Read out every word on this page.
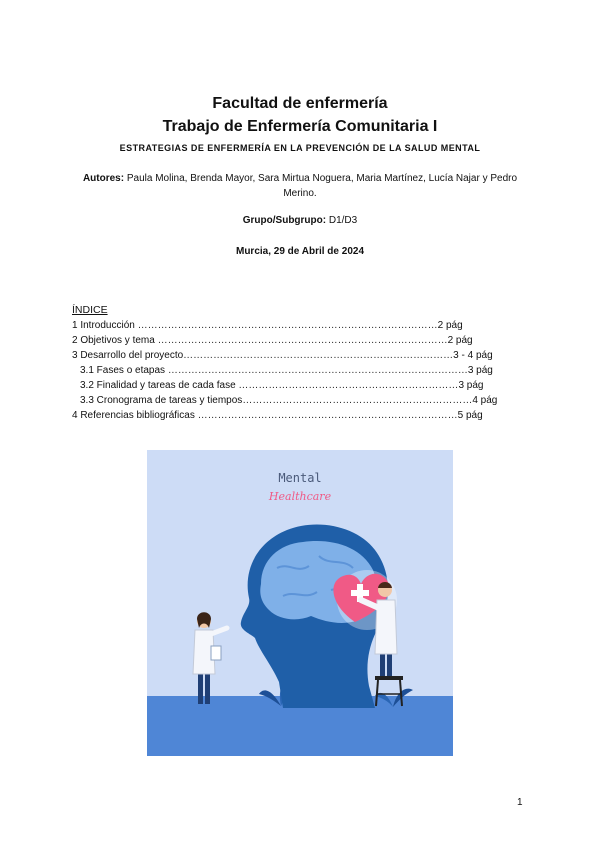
Facultad de enfermería
Trabajo de Enfermería Comunitaria I
ESTRATEGIAS DE ENFERMERÍA EN LA PREVENCIÓN DE LA SALUD MENTAL
Autores: Paula Molina, Brenda Mayor, Sara Mirtua Noguera, Maria Martínez, Lucía Najar y Pedro Merino.
Grupo/Subgrupo: D1/D3
Murcia, 29 de Abril de 2024
ÍNDICE
1 Introducción ………………………………………………………………………………2 pág
2 Objetivos y tema ……………………………………………………………………………2 pág
3 Desarrollo del proyecto………………………………………………………………………3 - 4 pág
3.1 Fases o etapas ………………………………………………………………………………3 pág
3.2 Finalidad y tareas de cada fase …………………………………………………………3 pág
3.3 Cronograma de tareas y tiempos……………………………………………………………4 pág
4 Referencias bibliográficas ……………………………………………………………………5 pág
Mental
Healthcare
1
